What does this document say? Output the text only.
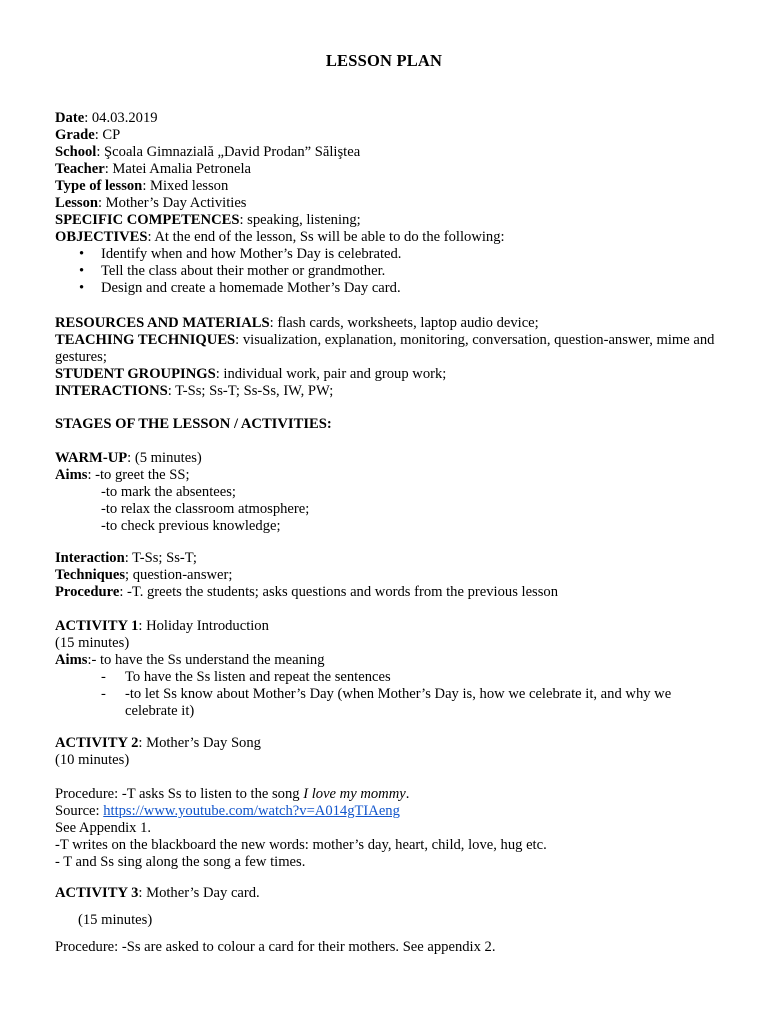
LESSON PLAN
Date: 04.03.2019
Grade: CP
School: Şcoala Gimnazială „David Prodan” Sălişteа
Teacher: Matei Amalia Petronela
Type of lesson: Mixed lesson
Lesson: Mother’s Day Activities
SPECIFIC COMPETENCES: speaking, listening;
OBJECTIVES: At the end of the lesson, Ss will be able to do the following:
• Identify when and how Mother’s Day is celebrated.
• Tell the class about their mother or grandmother.
• Design and create a homemade Mother’s Day card.
RESOURCES AND MATERIALS: flash cards, worksheets, laptop audio device;
TEACHING TECHNIQUES: visualization, explanation, monitoring, conversation, question-answer, mime and gestures;
STUDENT GROUPINGS: individual work, pair and group work;
INTERACTIONS: T-Ss; Ss-T; Ss-Ss, IW, PW;
STAGES OF THE LESSON / ACTIVITIES:
WARM-UP: (5 minutes)
Aims: -to greet the SS;
-to mark the absentees;
-to relax the classroom atmosphere;
-to check previous knowledge;
Interaction: T-Ss; Ss-T;
Techniques; question-answer;
Procedure: -T. greets the students; asks questions and words from the previous lesson
ACTIVITY 1: Holiday Introduction
(15 minutes)
Aims:- to have the Ss understand the meaning
- To have the Ss listen and repeat the sentences
- -to let Ss know about Mother’s Day (when Mother’s Day is, how we celebrate it, and why we
celebrate it)
ACTIVITY 2: Mother’s Day Song
(10 minutes)
Procedure: -T asks Ss to listen to the song I love my mommy.
Source: https://www.youtube.com/watch?v=A014gTIAeng
See Appendix 1.
-T writes on the blackboard the new words: mother’s day, heart, child, love, hug etc.
- T and Ss sing along the song a few times.
ACTIVITY 3: Mother’s Day card.
(15 minutes)
Procedure: -Ss are asked to colour a card for their mothers. See appendix 2.
